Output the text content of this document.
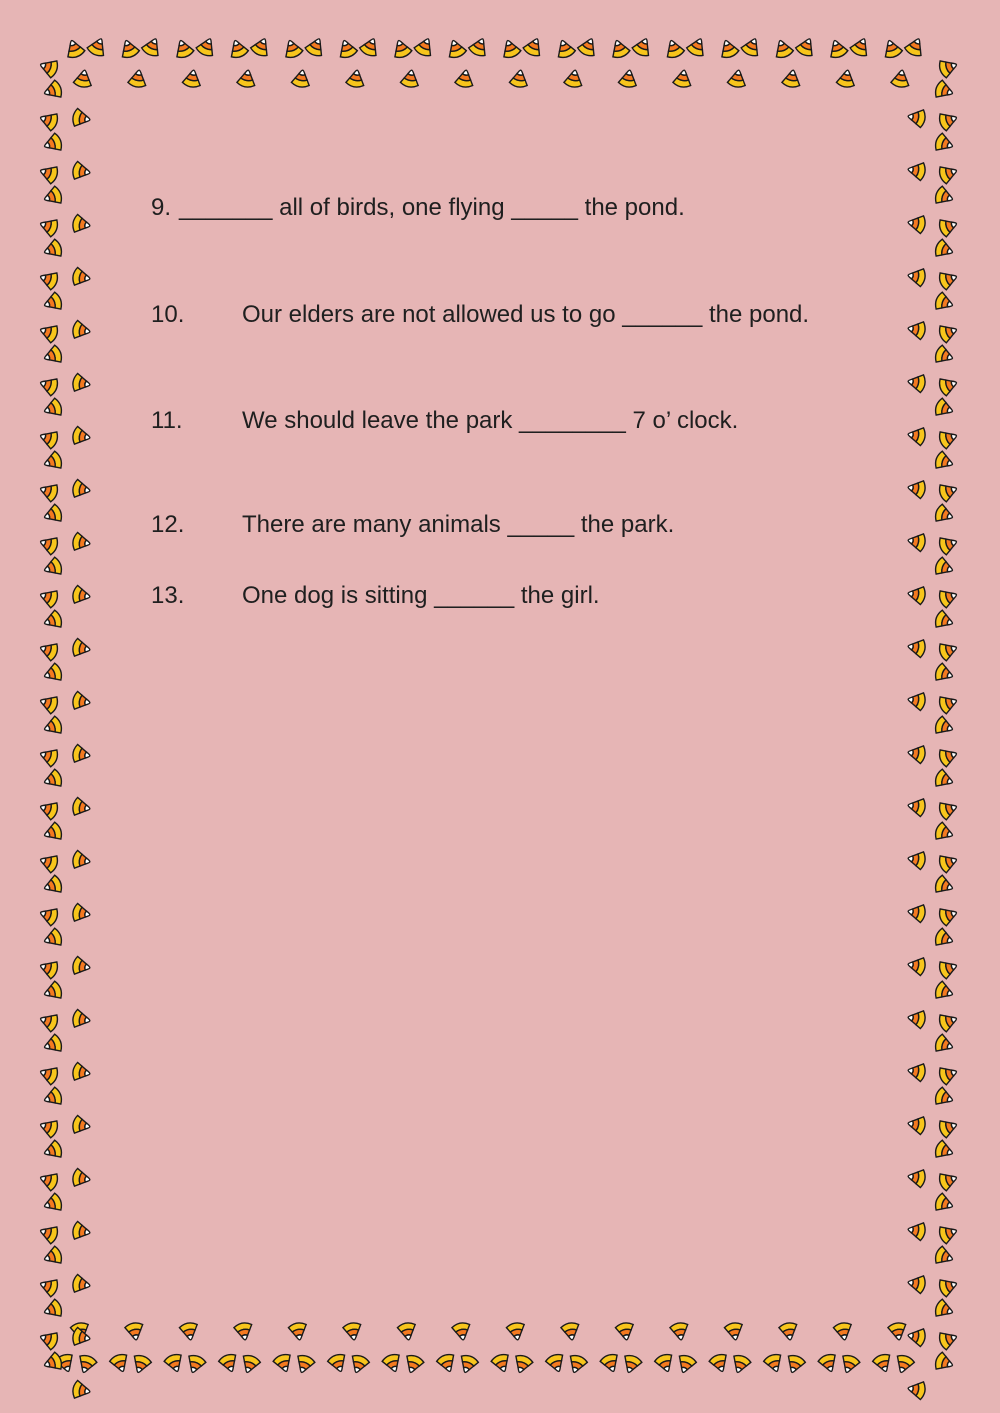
9. _______ all of birds, one flying _____ the pond.
10. Our elders are not allowed us to go ______ the pond.
11. We should leave the park ________ 7 o’ clock.
12. There are many animals _____ the park.
13. One dog is sitting ______ the girl.
